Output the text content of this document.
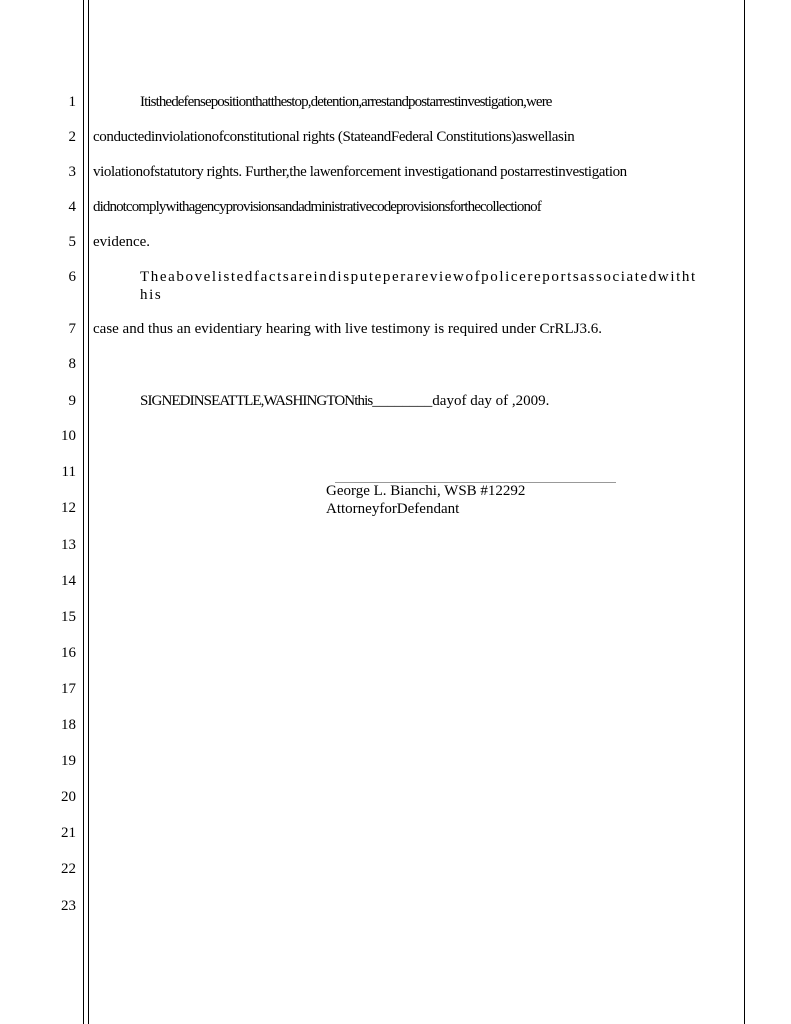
1
2
3
4
5
6
7
8
9
10
11
12
13
14
15
16
17
18
19
20
21
22
23
Itisthedefensepositionthatthestop,detention,arrestandpostarrestinvestigation,were
conductedinviolationofconstitutional rights (StateandFederal Constitutions)aswellasin
violationofstatutory rights. Further,the lawenforcement investigationand postarrestinvestigation
didnotcomplywithagencyprovisionsandadministrativecodeprovisionsforthecollectionof
evidence.
Theabovelistedfactsareindisputeperareviewofpolicereportsassociatedwitht
his
case and thus an evidentiary hearing with live testimony is required under CrRLJ3.6.
SIGNEDINSEATTLE,WASHINGTONthis________dayof day of ,2009.
George L. Bianchi, WSB #12292
AttorneyforDefendant
